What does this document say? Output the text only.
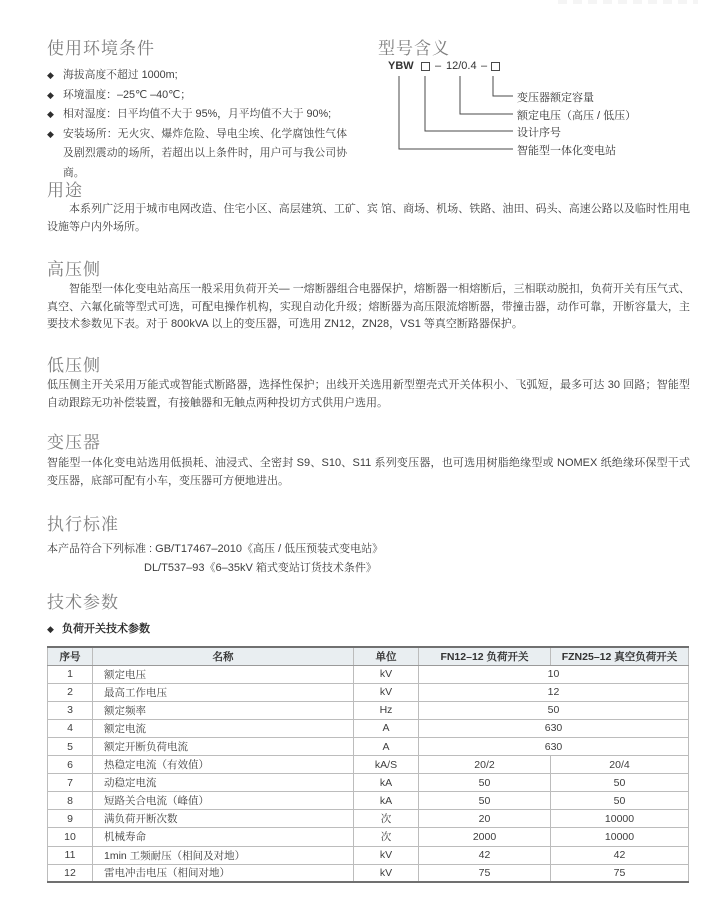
使用环境条件
◆ 海拔高度不超过 1000m;
◆ 环境温度：–25℃ –40℃；
◆ 相对湿度：日平均值不大于 95%，月平均值不大于 90%;
◆ 安装场所：无火灾、爆炸危险、导电尘埃、化学腐蚀性气体及剧烈震动的场所，若超出以上条件时，用户可与我公司协商。
型号含义
YBW – 12/0.4 –
变压器额定容量
额定电压（高压 / 低压）
设计序号
智能型一体化变电站
用途
本系列广泛用于城市电网改造、住宅小区、高层建筑、工矿、宾 馆、商场、机场、铁路、油田、码头、高速公路以及临时性用电设施等户内外场所。
高压侧
智能型一体化变电站高压一般采用负荷开关— 一熔断器组合电器保护，熔断器一相熔断后，三相联动脱扣，负荷开关有压气式、真空、六氟化硫等型式可选，可配电操作机构，实现自动化升级；熔断器为高压限流熔断器，带撞击器，动作可靠，开断容量大，主要技术参数见下表。对于 800kVA 以上的变压器，可选用 ZN12，ZN28，VS1 等真空断路器保护。
低压侧
低压侧主开关采用万能式或智能式断路器，选择性保护；出线开关选用新型塑壳式开关体积小、飞弧短，最多可达 30 回路；智能型自动跟踪无功补偿装置，有接触器和无触点两种投切方式供用户选用。
变压器
智能型一体化变电站选用低损耗、油浸式、全密封 S9、S10、S11 系列变压器，也可选用树脂绝缘型或 NOMEX 纸绝缘环保型干式变压器，底部可配有小车，变压器可方便地进出。
执行标准
本产品符合下列标准 : GB/T17467–2010《高压 / 低压预装式变电站》
DL/T537–93《6–35kV 箱式变站订货技术条件》
技术参数
◆ 负荷开关技术参数
序号	名称	单位	FN12–12 负荷开关	FZN25–12 真空负荷开关
1	额定电压	kV	10	
2	最高工作电压	kV	12	
3	额定频率	Hz	50	
4	额定电流	A	630	
5	额定开断负荷电流	A	630	
6	热稳定电流（有效值）	kA/S	20/2	20/4
7	动稳定电流	kA	50	50
8	短路关合电流（峰值）	kA	50	50
9	满负荷开断次数	次	20	10000
10	机械寿命	次	2000	10000
11	1min 工频耐压（相间及对地）	kV	42	42
12	雷电冲击电压（相间对地）	kV	75	75
